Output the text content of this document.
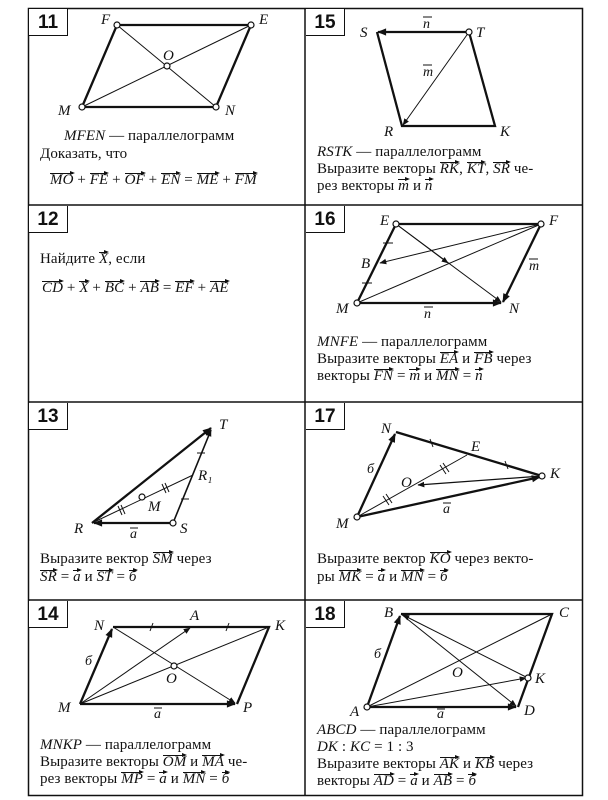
F	E
O
M	N
S	T
R	K
n
m
E	F
B	m
M	N
n
T
R₁
M
R	S
a
N
E
K
O
M
б
a
N
A
K
M	P
O
б
a
B	C
K
O
A	D
б
a
11
12
13
14
15
16
17
18
MFEN — параллелограмм
Доказать, что
MO + FE + OF + EN = ME + FM
Найдите X, если
CD + X + BC + AB = EF + AE
Выразите вектор SM через
SR = a и ST = б
MNKP — параллелограмм
Выразите векторы OM и MA че-
рез векторы MP = a и MN = б
RSTK — параллелограмм
Выразите векторы RK, KT, SR че-
рез векторы m и n
MNFE — параллелограмм
Выразите векторы EA и FB через
векторы FN = m и MN = n
Выразите вектор KO через векто-
ры MK = a и MN = б
ABCD — параллелограмм
DK : KC = 1 : 3
Выразите векторы AK и KB через
векторы AD = a и AB = б
